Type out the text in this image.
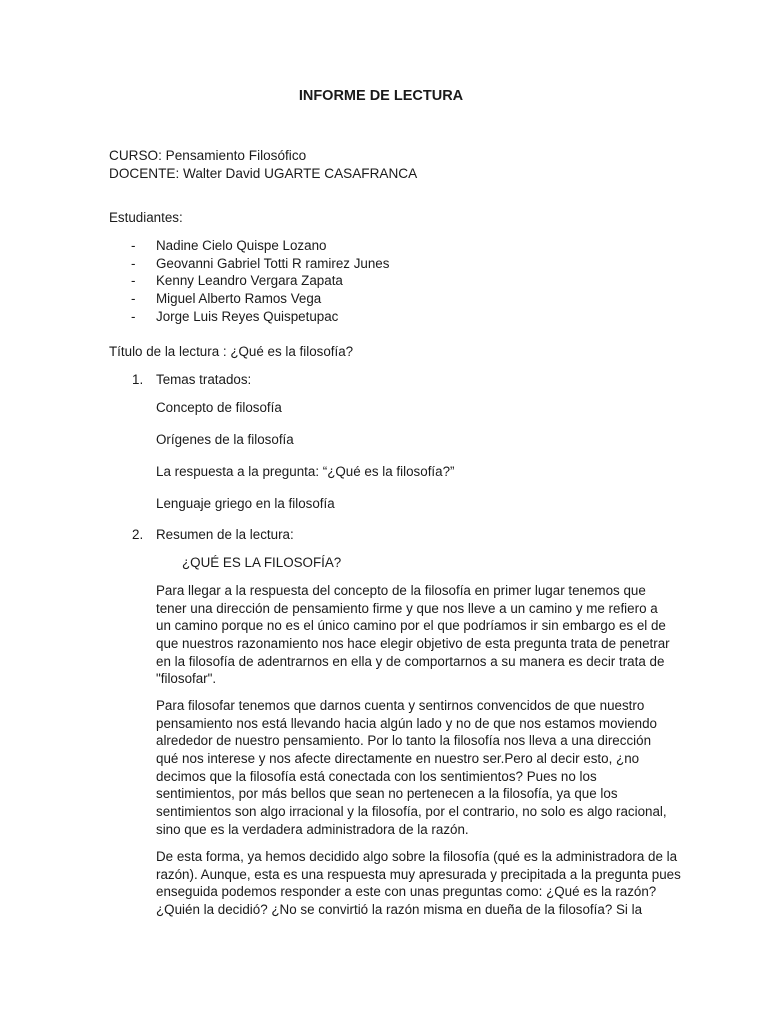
INFORME DE LECTURA
CURSO: Pensamiento Filosófico
DOCENTE: Walter David UGARTE CASAFRANCA
Estudiantes:
- Nadine Cielo Quispe Lozano
- Geovanni Gabriel Totti R ramirez Junes
- Kenny Leandro Vergara Zapata
- Miguel Alberto Ramos Vega
- Jorge Luis Reyes Quispetupac
Título de la lectura : ¿Qué es la filosofía?
1. Temas tratados:
Concepto de filosofía
Orígenes de la filosofía
La respuesta a la pregunta: “¿Qué es la filosofía?”
Lenguaje griego en la filosofía
2. Resumen de la lectura:
¿QUÉ ES LA FILOSOFÍA?
Para llegar a la respuesta del concepto de la filosofía en primer lugar tenemos que
tener una dirección de pensamiento firme y que nos lleve a un camino y me refiero a
un camino porque no es el único camino por el que podríamos ir sin embargo es el de
que nuestros razonamiento nos hace elegir objetivo de esta pregunta trata de penetrar
en la filosofía de adentrarnos en ella y de comportarnos a su manera es decir trata de
"filosofar".
Para filosofar tenemos que darnos cuenta y sentirnos convencidos de que nuestro
pensamiento nos está llevando hacia algún lado y no de que nos estamos moviendo
alrededor de nuestro pensamiento. Por lo tanto la filosofía nos lleva a una dirección
qué nos interese y nos afecte directamente en nuestro ser.Pero al decir esto, ¿no
decimos que la filosofía está conectada con los sentimientos? Pues no los
sentimientos, por más bellos que sean no pertenecen a la filosofía, ya que los
sentimientos son algo irracional y la filosofía, por el contrario, no solo es algo racional,
sino que es la verdadera administradora de la razón.
De esta forma, ya hemos decidido algo sobre la filosofía (qué es la administradora de la
razón). Aunque, esta es una respuesta muy apresurada y precipitada a la pregunta pues
enseguida podemos responder a este con unas preguntas como: ¿Qué es la razón?
¿Quién la decidió? ¿No se convirtió la razón misma en dueña de la filosofía? Si la
